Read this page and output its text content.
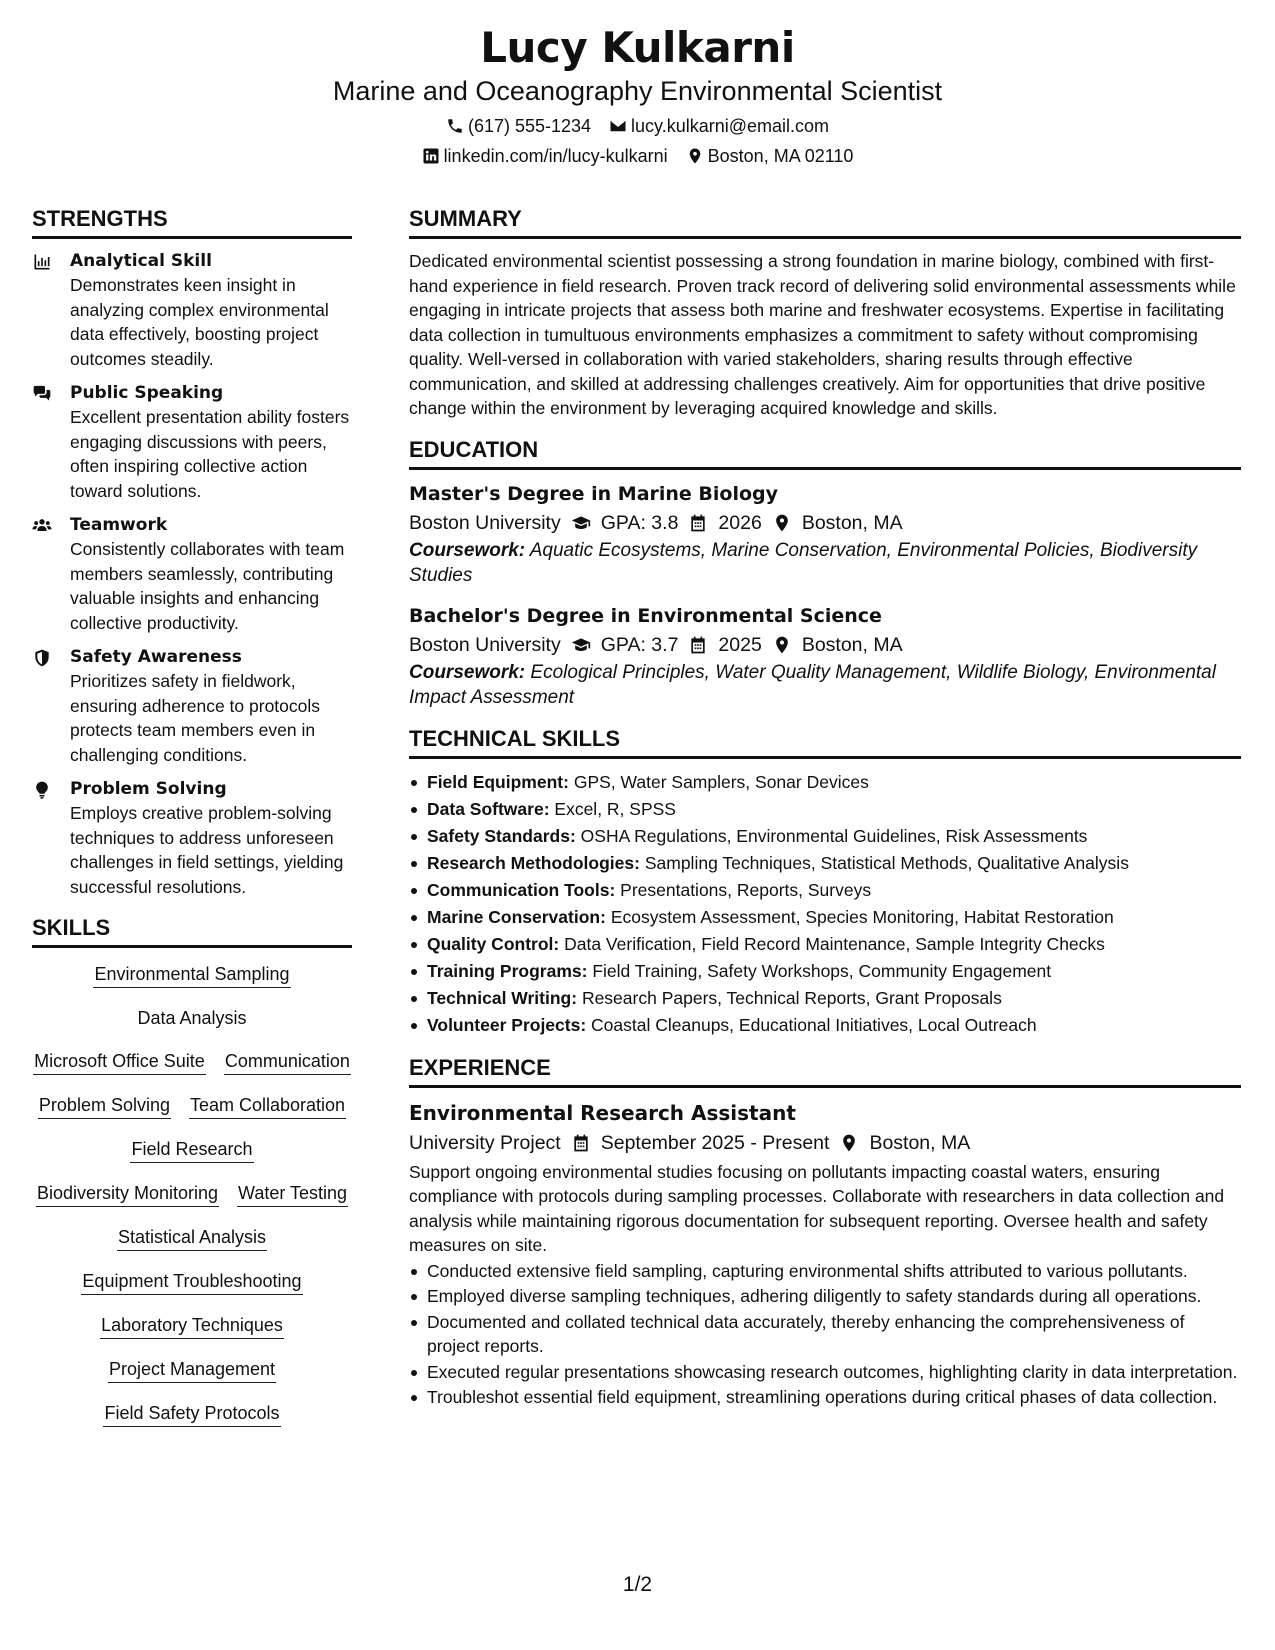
Lucy Kulkarni
Marine and Oceanography Environmental Scientist
(617) 555-1234 lucy.kulkarni@email.com
linkedin.com/in/lucy-kulkarni Boston, MA 02110
STRENGTHS
Analytical Skill
Demonstrates keen insight in analyzing complex environmental data effectively, boosting project outcomes steadily.
Public Speaking
Excellent presentation ability fosters engaging discussions with peers, often inspiring collective action toward solutions.
Teamwork
Consistently collaborates with team members seamlessly, contributing valuable insights and enhancing collective productivity.
Safety Awareness
Prioritizes safety in fieldwork, ensuring adherence to protocols protects team members even in challenging conditions.
Problem Solving
Employs creative problem-solving techniques to address unforeseen challenges in field settings, yielding successful resolutions.
SKILLS
Environmental Sampling
Data Analysis
Microsoft Office Suite Communication
Problem Solving Team Collaboration
Field Research
Biodiversity Monitoring Water Testing
Statistical Analysis
Equipment Troubleshooting
Laboratory Techniques
Project Management
Field Safety Protocols
SUMMARY
Dedicated environmental scientist possessing a strong foundation in marine biology, combined with first-hand experience in field research. Proven track record of delivering solid environmental assessments while engaging in intricate projects that assess both marine and freshwater ecosystems. Expertise in facilitating data collection in tumultuous environments emphasizes a commitment to safety without compromising quality. Well-versed in collaboration with varied stakeholders, sharing results through effective communication, and skilled at addressing challenges creatively. Aim for opportunities that drive positive change within the environment by leveraging acquired knowledge and skills.
EDUCATION
Master's Degree in Marine Biology
Boston University GPA: 3.8 2026 Boston, MA
Coursework: Aquatic Ecosystems, Marine Conservation, Environmental Policies, Biodiversity Studies
Bachelor's Degree in Environmental Science
Boston University GPA: 3.7 2025 Boston, MA
Coursework: Ecological Principles, Water Quality Management, Wildlife Biology, Environmental Impact Assessment
TECHNICAL SKILLS
Field Equipment: GPS, Water Samplers, Sonar Devices
Data Software: Excel, R, SPSS
Safety Standards: OSHA Regulations, Environmental Guidelines, Risk Assessments
Research Methodologies: Sampling Techniques, Statistical Methods, Qualitative Analysis
Communication Tools: Presentations, Reports, Surveys
Marine Conservation: Ecosystem Assessment, Species Monitoring, Habitat Restoration
Quality Control: Data Verification, Field Record Maintenance, Sample Integrity Checks
Training Programs: Field Training, Safety Workshops, Community Engagement
Technical Writing: Research Papers, Technical Reports, Grant Proposals
Volunteer Projects: Coastal Cleanups, Educational Initiatives, Local Outreach
EXPERIENCE
Environmental Research Assistant
University Project September 2025 - Present Boston, MA
Support ongoing environmental studies focusing on pollutants impacting coastal waters, ensuring compliance with protocols during sampling processes. Collaborate with researchers in data collection and analysis while maintaining rigorous documentation for subsequent reporting. Oversee health and safety measures on site.
Conducted extensive field sampling, capturing environmental shifts attributed to various pollutants.
Employed diverse sampling techniques, adhering diligently to safety standards during all operations.
Documented and collated technical data accurately, thereby enhancing the comprehensiveness of project reports.
Executed regular presentations showcasing research outcomes, highlighting clarity in data interpretation.
Troubleshot essential field equipment, streamlining operations during critical phases of data collection.
1/2
